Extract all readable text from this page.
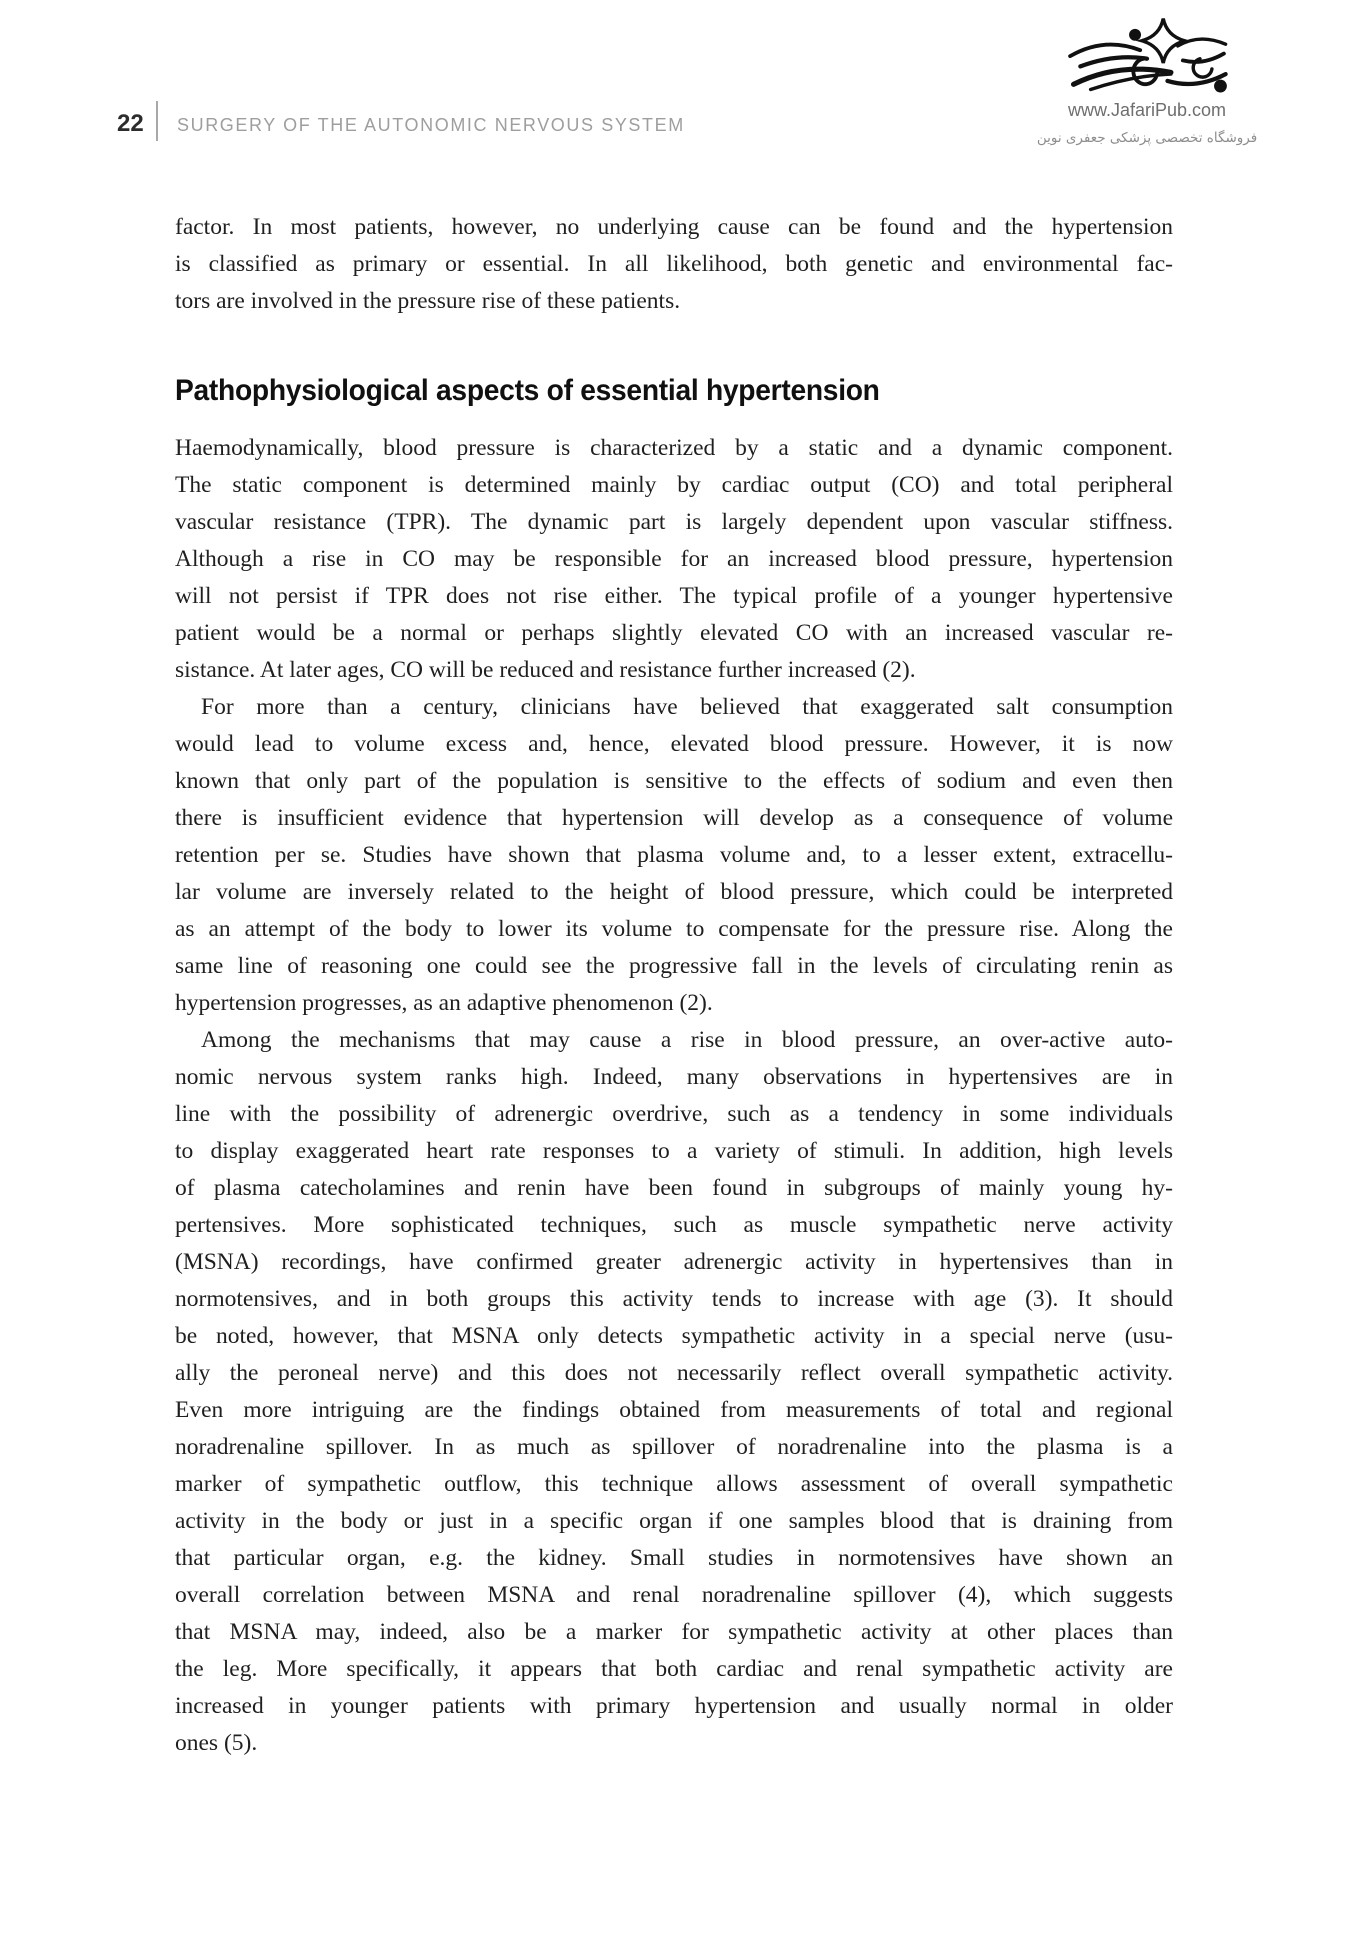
22 SURGERY OF THE AUTONOMIC NERVOUS SYSTEM
www.JafariPub.com
فروشگاه تخصصی پزشکی جعفری نوین
factor. In most patients, however, no underlying cause can be found and the hypertension
is classified as primary or essential. In all likelihood, both genetic and environmental fac-
tors are involved in the pressure rise of these patients.
Pathophysiological aspects of essential hypertension
Haemodynamically, blood pressure is characterized by a static and a dynamic component.
The static component is determined mainly by cardiac output (CO) and total peripheral
vascular resistance (TPR). The dynamic part is largely dependent upon vascular stiffness.
Although a rise in CO may be responsible for an increased blood pressure, hypertension
will not persist if TPR does not rise either. The typical profile of a younger hypertensive
patient would be a normal or perhaps slightly elevated CO with an increased vascular re-
sistance. At later ages, CO will be reduced and resistance further increased (2).
For more than a century, clinicians have believed that exaggerated salt consumption
would lead to volume excess and, hence, elevated blood pressure. However, it is now
known that only part of the population is sensitive to the effects of sodium and even then
there is insufficient evidence that hypertension will develop as a consequence of volume
retention per se. Studies have shown that plasma volume and, to a lesser extent, extracellu-
lar volume are inversely related to the height of blood pressure, which could be interpreted
as an attempt of the body to lower its volume to compensate for the pressure rise. Along the
same line of reasoning one could see the progressive fall in the levels of circulating renin as
hypertension progresses, as an adaptive phenomenon (2).
Among the mechanisms that may cause a rise in blood pressure, an over-active auto-
nomic nervous system ranks high. Indeed, many observations in hypertensives are in
line with the possibility of adrenergic overdrive, such as a tendency in some individuals
to display exaggerated heart rate responses to a variety of stimuli. In addition, high levels
of plasma catecholamines and renin have been found in subgroups of mainly young hy-
pertensives. More sophisticated techniques, such as muscle sympathetic nerve activity
(MSNA) recordings, have confirmed greater adrenergic activity in hypertensives than in
normotensives, and in both groups this activity tends to increase with age (3). It should
be noted, however, that MSNA only detects sympathetic activity in a special nerve (usu-
ally the peroneal nerve) and this does not necessarily reflect overall sympathetic activity.
Even more intriguing are the findings obtained from measurements of total and regional
noradrenaline spillover. In as much as spillover of noradrenaline into the plasma is a
marker of sympathetic outflow, this technique allows assessment of overall sympathetic
activity in the body or just in a specific organ if one samples blood that is draining from
that particular organ, e.g. the kidney. Small studies in normotensives have shown an
overall correlation between MSNA and renal noradrenaline spillover (4), which suggests
that MSNA may, indeed, also be a marker for sympathetic activity at other places than
the leg. More specifically, it appears that both cardiac and renal sympathetic activity are
increased in younger patients with primary hypertension and usually normal in older
ones (5).
